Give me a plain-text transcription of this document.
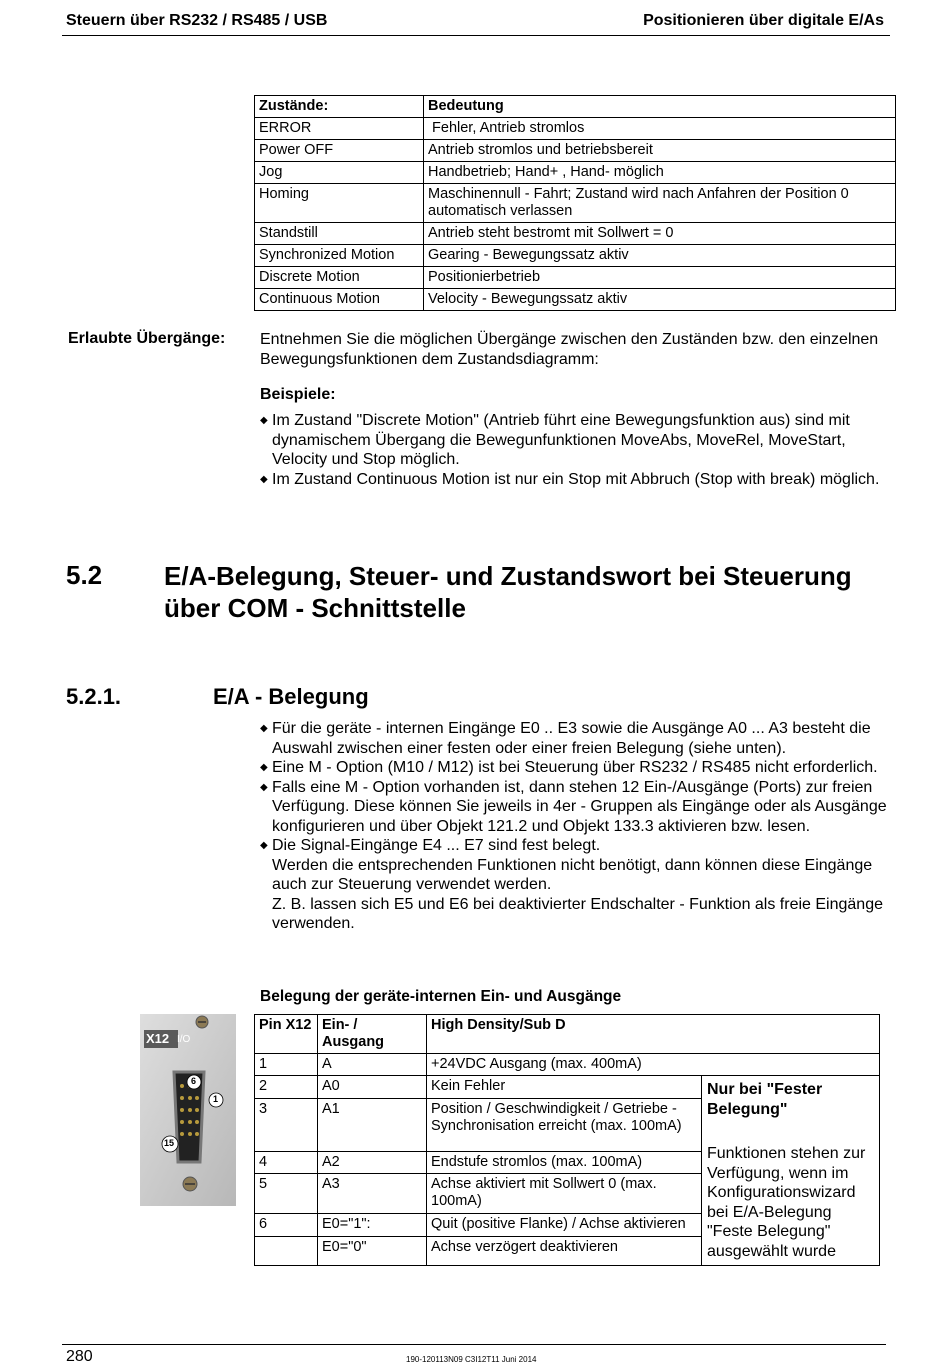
Steuern über RS232 / RS485 / USB	Positionieren über digitale E/As
Zustände:	Bedeutung
ERROR	Fehler, Antrieb stromlos
Power OFF	Antrieb stromlos und betriebsbereit
Jog	Handbetrieb; Hand+ , Hand- möglich
Homing	Maschinennull - Fahrt; Zustand wird nach Anfahren der Position 0 automatisch verlassen
Standstill	Antrieb steht bestromt mit Sollwert = 0
Synchronized Motion	Gearing - Bewegungssatz aktiv
Discrete Motion	Positionierbetrieb
Continuous Motion	Velocity - Bewegungssatz aktiv
Erlaubte Übergänge: Entnehmen Sie die möglichen Übergänge zwischen den Zuständen bzw. den einzelnen Bewegungsfunktionen dem Zustandsdiagramm:
Beispiele:
◆ Im Zustand "Discrete Motion" (Antrieb führt eine Bewegungsfunktion aus) sind mit dynamischem Übergang die Bewegunfunktionen MoveAbs, MoveRel, MoveStart, Velocity und Stop möglich.
◆ Im Zustand Continuous Motion ist nur ein Stop mit Abbruch (Stop with break) möglich.
5.2 E/A-Belegung, Steuer- und Zustandswort bei Steuerung über COM - Schnittstelle
5.2.1.	E/A - Belegung
◆ Für die geräte - internen Eingänge E0 .. E3 sowie die Ausgänge A0 ... A3 besteht die Auswahl zwischen einer festen oder einer freien Belegung (siehe unten).
◆ Eine M - Option (M10 / M12) ist bei Steuerung über RS232 / RS485 nicht erforderlich.
◆ Falls eine M - Option vorhanden ist, dann stehen 12 Ein-/Ausgänge (Ports) zur freien Verfügung. Diese können Sie jeweils in 4er - Gruppen als Eingänge oder als Ausgänge konfigurieren und über Objekt 121.2 und Objekt 133.3 aktivieren bzw. lesen.
◆ Die Signal-Eingänge E4 ... E7 sind fest belegt.
Werden die entsprechenden Funktionen nicht benötigt, dann können diese Eingänge auch zur Steuerung verwendet werden.
Z. B. lassen sich E5 und E6 bei deaktivierter Endschalter - Funktion als freie Eingänge verwenden.
Belegung der geräte-internen Ein- und Ausgänge
Pin X12	Ein- / Ausgang	High Density/Sub D	
1	A	+24VDC Ausgang (max. 400mA)	
2	A0	Kein Fehler	Nur bei "Fester Belegung"
Funktionen stehen zur Verfügung, wenn im Konfigurationswizard bei E/A-Belegung "Feste Belegung" ausgewählt wurde

3	A1	Position / Geschwindigkeit / Getriebe - Synchronisation erreicht (max. 100mA)	
4	A2	Endstufe stromlos (max. 100mA)	
5	A3	Achse aktiviert mit Sollwert 0 (max. 100mA)	
6	E0="1":	Quit (positive Flanke) / Achse aktivieren	
	E0="0"	Achse verzögert deaktivieren	
X12 I/O
6
1
15
280	190-120113N09 C3I12T11 Juni 2014
